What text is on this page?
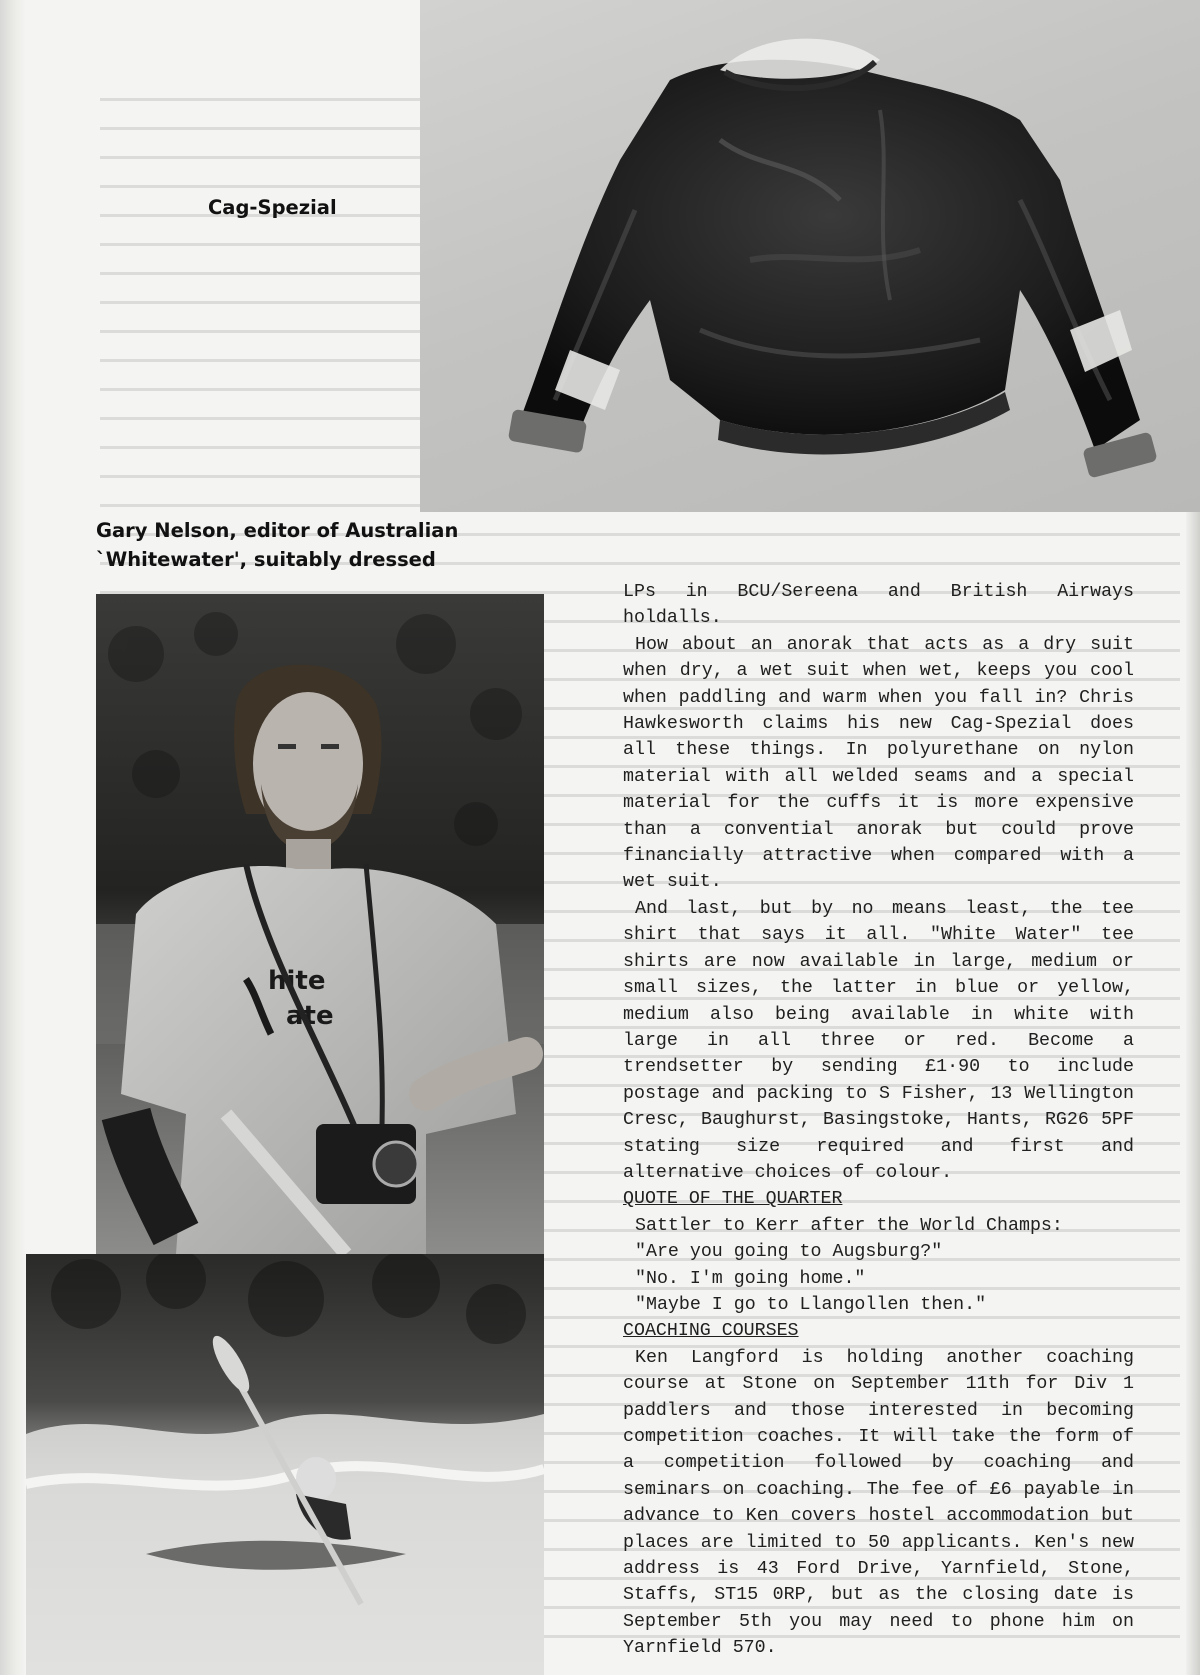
Cag-Spezial
Gary Nelson, editor of Australian
`Whitewater', suitably dressed
hite
ate

LPs in BCU/Sereena and British Airways holdalls.

How about an anorak that acts as a dry suit when dry, a wet suit when wet, keeps you cool when paddling and warm when you fall in? Chris Hawkesworth claims his new Cag-Spezial does all these things. In polyurethane on nylon material with all welded seams and a special material for the cuffs it is more expensive than a convential anorak but could prove financially attractive when compared with a wet suit.

And last, but by no means least, the tee shirt that says it all. "White Water" tee shirts are now available in large, medium or small sizes, the latter in blue or yellow, medium also being available in white with large in all three or red. Become a trendsetter by sending £1·90 to include postage and packing to S Fisher, 13 Wellington Cresc, Baughurst, Basingstoke, Hants, RG26 5PF stating size required and first and alternative choices of colour.

QUOTE OF THE QUARTER

Sattler to Kerr after the World Champs:

"Are you going to Augsburg?"

"No. I'm going home."

"Maybe I go to Llangollen then."

COACHING COURSES

Ken Langford is holding another coaching course at Stone on September 11th for Div 1 paddlers and those interested in becoming competition coaches. It will take the form of a competition followed by coaching and seminars on coaching. The fee of £6 payable in advance to Ken covers hostel accommodation but places are limited to 50 applicants. Ken's new address is 43 Ford Drive, Yarnfield, Stone, Staffs, ST15 0RP, but as the closing date is September 5th you may need to phone him on Yarnfield 570.
